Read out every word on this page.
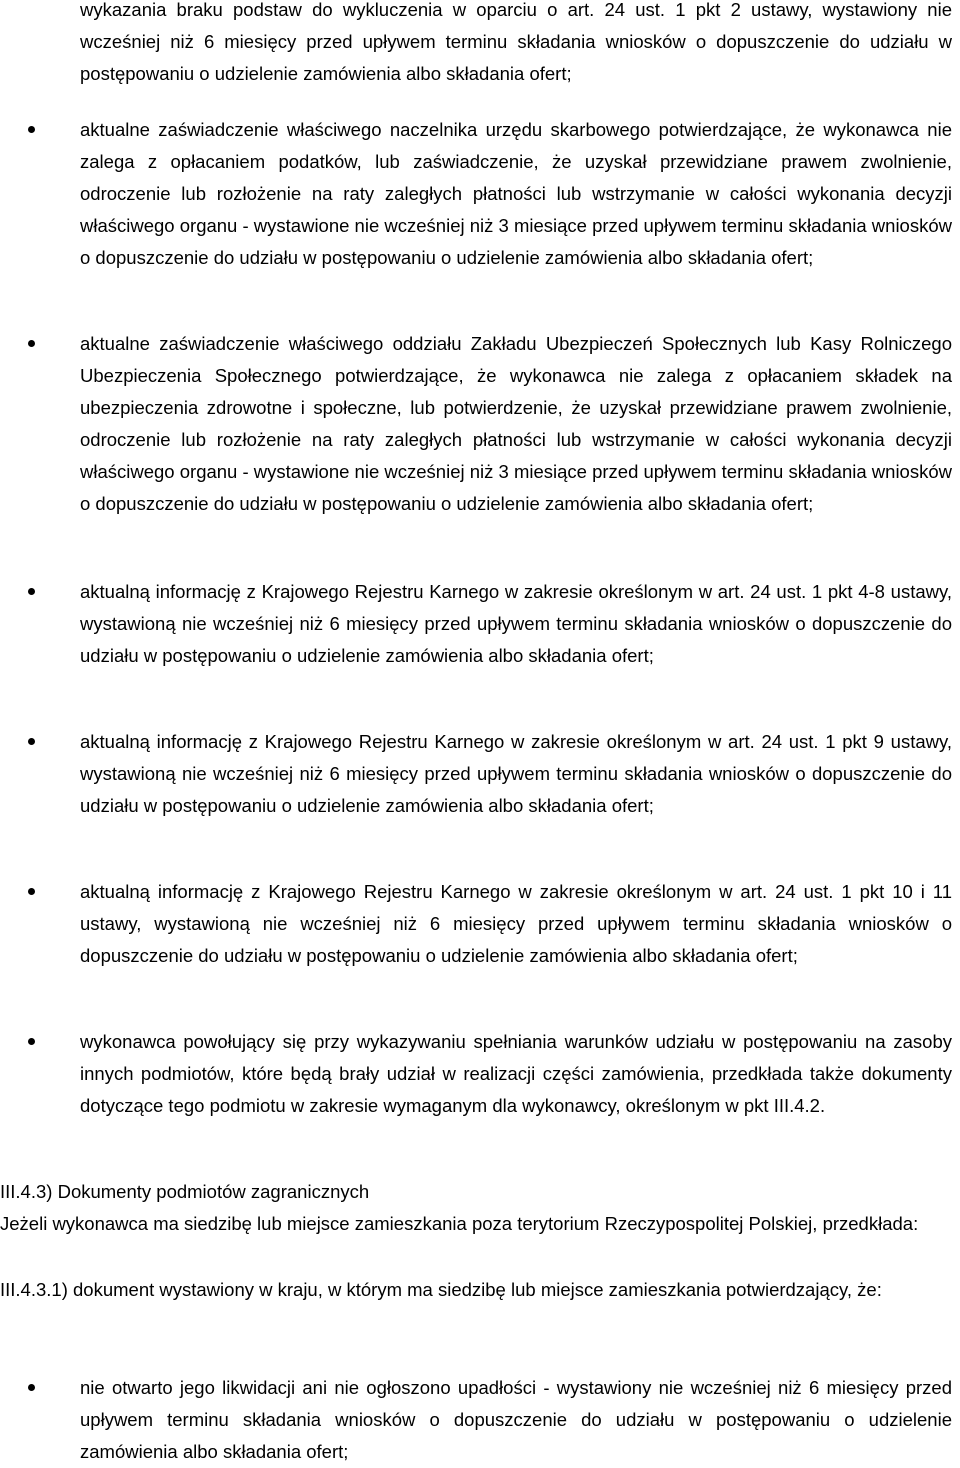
wykazania braku podstaw do wykluczenia w oparciu o art. 24 ust. 1 pkt 2 ustawy, wystawiony nie wcześniej niż 6 miesięcy przed upływem terminu składania wniosków o dopuszczenie do udziału w postępowaniu o udzielenie zamówienia albo składania ofert;

aktualne zaświadczenie właściwego naczelnika urzędu skarbowego potwierdzające, że wykonawca nie zalega z opłacaniem podatków, lub zaświadczenie, że uzyskał przewidziane prawem zwolnienie, odroczenie lub rozłożenie na raty zaległych płatności lub wstrzymanie w całości wykonania decyzji właściwego organu - wystawione nie wcześniej niż 3 miesiące przed upływem terminu składania wniosków o dopuszczenie do udziału w postępowaniu o udzielenie zamówienia albo składania ofert;

aktualne zaświadczenie właściwego oddziału Zakładu Ubezpieczeń Społecznych lub Kasy Rolniczego Ubezpieczenia Społecznego potwierdzające, że wykonawca nie zalega z opłacaniem składek na ubezpieczenia zdrowotne i społeczne, lub potwierdzenie, że uzyskał przewidziane prawem zwolnienie, odroczenie lub rozłożenie na raty zaległych płatności lub wstrzymanie w całości wykonania decyzji właściwego organu - wystawione nie wcześniej niż 3 miesiące przed upływem terminu składania wniosków o dopuszczenie do udziału w postępowaniu o udzielenie zamówienia albo składania ofert;

aktualną informację z Krajowego Rejestru Karnego w zakresie określonym w art. 24 ust. 1 pkt 4-8 ustawy, wystawioną nie wcześniej niż 6 miesięcy przed upływem terminu składania wniosków o dopuszczenie do udziału w postępowaniu o udzielenie zamówienia albo składania ofert;

aktualną informację z Krajowego Rejestru Karnego w zakresie określonym w art. 24 ust. 1 pkt 9 ustawy, wystawioną nie wcześniej niż 6 miesięcy przed upływem terminu składania wniosków o dopuszczenie do udziału w postępowaniu o udzielenie zamówienia albo składania ofert;

aktualną informację z Krajowego Rejestru Karnego w zakresie określonym w art. 24 ust. 1 pkt 10 i 11 ustawy, wystawioną nie wcześniej niż 6 miesięcy przed upływem terminu składania wniosków o dopuszczenie do udziału w postępowaniu o udzielenie zamówienia albo składania ofert;

wykonawca powołujący się przy wykazywaniu spełniania warunków udziału w postępowaniu na zasoby innych podmiotów, które będą brały udział w realizacji części zamówienia, przedkłada także dokumenty dotyczące tego podmiotu w zakresie wymaganym dla wykonawcy, określonym w pkt III.4.2.

III.4.3) Dokumenty podmiotów zagranicznych

Jeżeli wykonawca ma siedzibę lub miejsce zamieszkania poza terytorium Rzeczypospolitej Polskiej, przedkłada:

III.4.3.1) dokument wystawiony w kraju, w którym ma siedzibę lub miejsce zamieszkania potwierdzający, że:

nie otwarto jego likwidacji ani nie ogłoszono upadłości - wystawiony nie wcześniej niż 6 miesięcy przed upływem terminu składania wniosków o dopuszczenie do udziału w postępowaniu o udzielenie zamówienia albo składania ofert;
